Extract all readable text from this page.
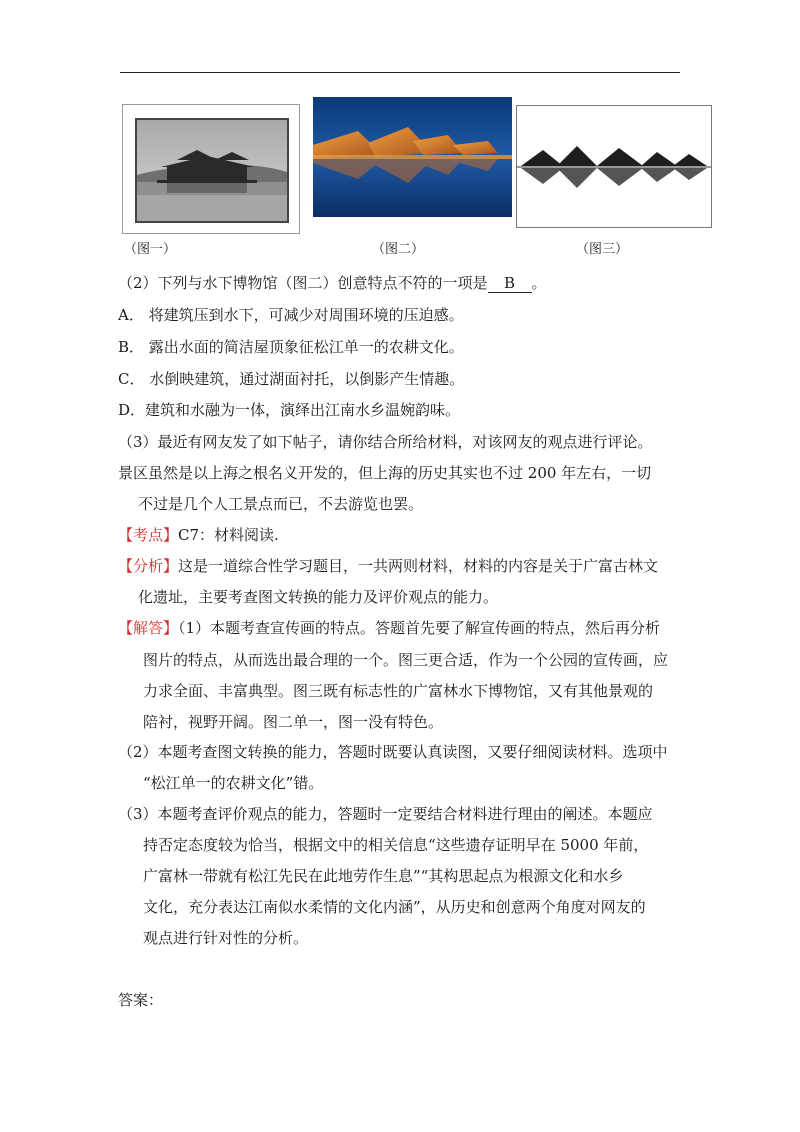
（图一）	（图二）	（图三）
（2）下列与水下博物馆（图二）创意特点不符的一项是 B 。
A． 将建筑压到水下，可减少对周围环境的压迫感。
B． 露出水面的简洁屋顶象征松江单一的农耕文化。
C． 水倒映建筑，通过湖面衬托，以倒影产生情趣。
D．建筑和水融为一体，演绎出江南水乡温婉韵味。
（3）最近有网友发了如下帖子，请你结合所给材料，对该网友的观点进行评论。
景区虽然是以上海之根名义开发的，但上海的历史其实也不过 200 年左右，一切
不过是几个人工景点而已，不去游览也罢。
【考点】C7：材料阅读.
【分析】这是一道综合性学习题目，一共两则材料，材料的内容是关于广富古林文
化遗址，主要考查图文转换的能力及评价观点的能力。
【解答】（1）本题考查宣传画的特点。答题首先要了解宣传画的特点，然后再分析
图片的特点，从而选出最合理的一个。图三更合适，作为一个公园的宣传画，应
力求全面、丰富典型。图三既有标志性的广富林水下博物馆，又有其他景观的
陪衬，视野开阔。图二单一，图一没有特色。
（2）本题考查图文转换的能力，答题时既要认真读图，又要仔细阅读材料。选项中
“松江单一的农耕文化”错。
（3）本题考查评价观点的能力，答题时一定要结合材料进行理由的阐述。本题应
持否定态度较为恰当，根据文中的相关信息“这些遗存证明早在 5000 年前，
广富林一带就有松江先民在此地劳作生息”“其构思起点为根源文化和水乡
文化，充分表达江南似水柔情的文化内涵”，从历史和创意两个角度对网友的
观点进行针对性的分析。
答案：
